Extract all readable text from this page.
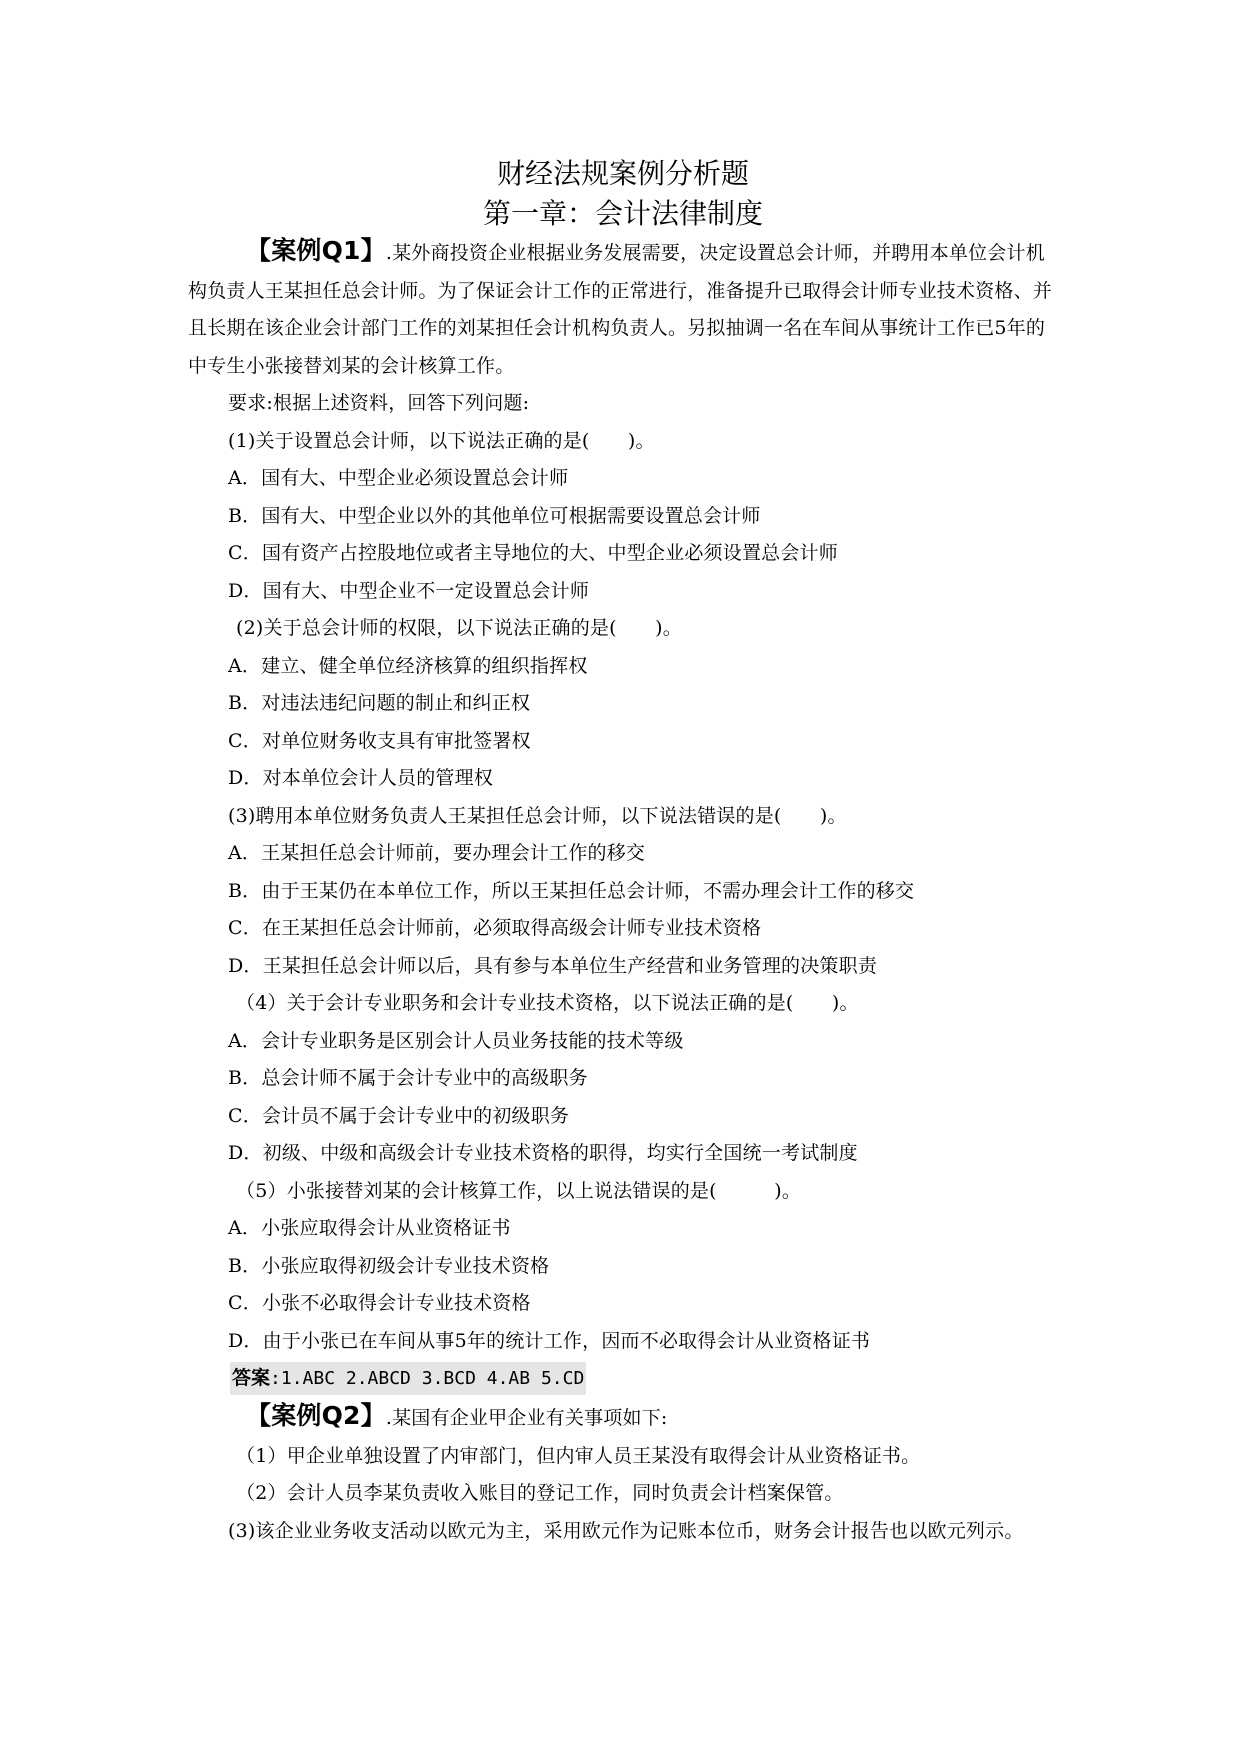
财经法规案例分析题

第一章：会计法律制度

【案例Q1】.某外商投资企业根据业务发展需要，决定设置总会计师，并聘用本单位会计机构负责人王某担任总会计师。为了保证会计工作的正常进行，准备提升已取得会计师专业技术资格、并且长期在该企业会计部门工作的刘某担任会计机构负责人。另拟抽调一名在车间从事统计工作已5年的中专生小张接替刘某的会计核算工作。

要求:根据上述资料，回答下列问题:

(1)关于设置总会计师，以下说法正确的是(　　)。

A．国有大、中型企业必须设置总会计师

B．国有大、中型企业以外的其他单位可根据需要设置总会计师

C．国有资产占控股地位或者主导地位的大、中型企业必须设置总会计师

D．国有大、中型企业不一定设置总会计师

(2)关于总会计师的权限，以下说法正确的是(　　)。

A．建立、健全单位经济核算的组织指挥权

B．对违法违纪问题的制止和纠正权

C．对单位财务收支具有审批签署权

D．对本单位会计人员的管理权

(3)聘用本单位财务负责人王某担任总会计师，以下说法错误的是(　　)。

A．王某担任总会计师前，要办理会计工作的移交

B．由于王某仍在本单位工作，所以王某担任总会计师，不需办理会计工作的移交

C．在王某担任总会计师前，必须取得高级会计师专业技术资格

D．王某担任总会计师以后，具有参与本单位生产经营和业务管理的决策职责

（4）关于会计专业职务和会计专业技术资格，以下说法正确的是(　　)。

A．会计专业职务是区别会计人员业务技能的技术等级

B．总会计师不属于会计专业中的高级职务

C．会计员不属于会计专业中的初级职务

D．初级、中级和高级会计专业技术资格的职得，均实行全国统一考试制度

（5）小张接替刘某的会计核算工作，以上说法错误的是(　　　)。

A．小张应取得会计从业资格证书

B．小张应取得初级会计专业技术资格

C．小张不必取得会计专业技术资格

D．由于小张已在车间从事5年的统计工作，因而不必取得会计从业资格证书

答案:1.ABC 2.ABCD 3.BCD 4.AB 5.CD

【案例Q2】.某国有企业甲企业有关事项如下:

（1）甲企业单独设置了内审部门，但内审人员王某没有取得会计从业资格证书。

（2）会计人员李某负责收入账目的登记工作，同时负责会计档案保管。

(3)该企业业务收支活动以欧元为主，采用欧元作为记账本位币，财务会计报告也以欧元列示。
